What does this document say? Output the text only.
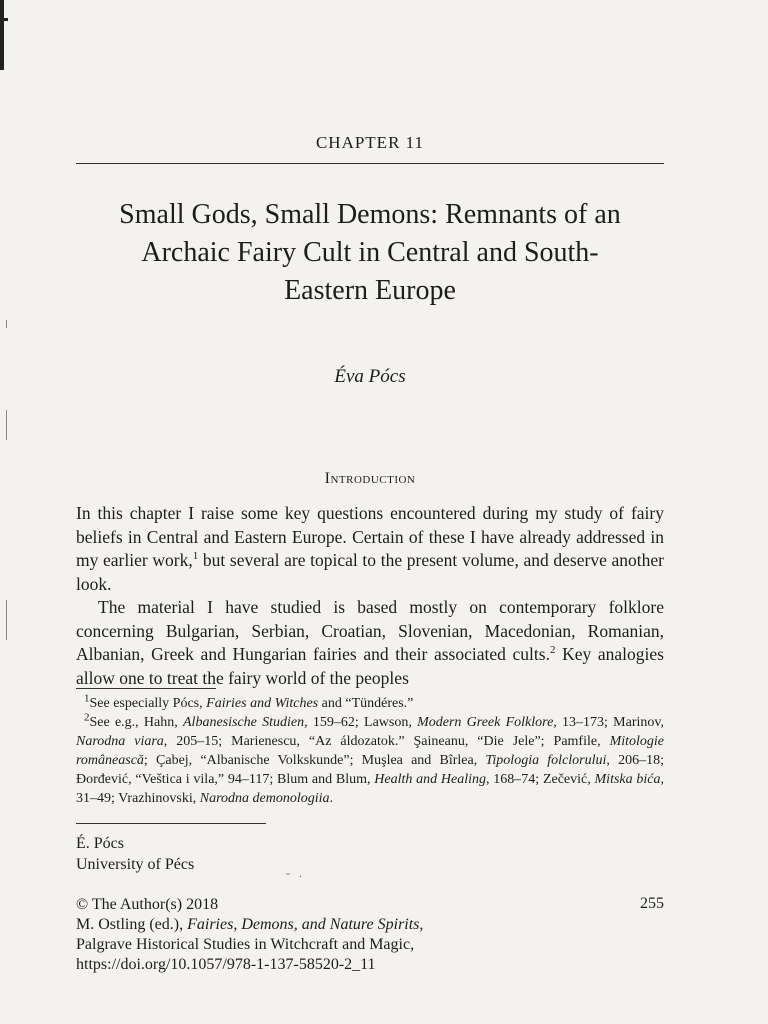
CHAPTER 11
Small Gods, Small Demons: Remnants of an
Archaic Fairy Cult in Central and South-
Eastern Europe
Éva Pócs
Introduction

In this chapter I raise some key questions encountered during my study of fairy beliefs in Central and Eastern Europe. Certain of these I have already addressed in my earlier work,$^1$ but several are topical to the present volume, and deserve another look.

The material I have studied is based mostly on contemporary folklore concerning Bulgarian, Serbian, Croatian, Slovenian, Macedonian, Romanian, Albanian, Greek and Hungarian fairies and their associated cults.$^2$ Key analogies allow one to treat the fairy world of the peoples

$^1$See especially Pócs, Fairies and Witches and “Tündéres.”

$^2$See e.g., Hahn, Albanesische Studien, 159–62; Lawson, Modern Greek Folklore, 13–173; Marinov, Narodna viara, 205–15; Marienescu, “Az áldozatok.” Şaineanu, “Die Jele”; Pamfile, Mitologie românească; Çabej, “Albanische Volkskunde”; Muşlea and Bîrlea, Tipologia folclorului, 206–18; Đorđević, “Veštica i vila,” 94–117; Blum and Blum, Health and Healing, 168–74; Zečević, Mitska bića, 31–49; Vrazhinovski, Narodna demonologiia.

É. Pócs
University of Pécs	-   .
© The Author(s) 2018
M. Ostling (ed.), Fairies, Demons, and Nature Spirits,
Palgrave Historical Studies in Witchcraft and Magic,
https://doi.org/10.1057/978-1-137-58520-2_11
255
